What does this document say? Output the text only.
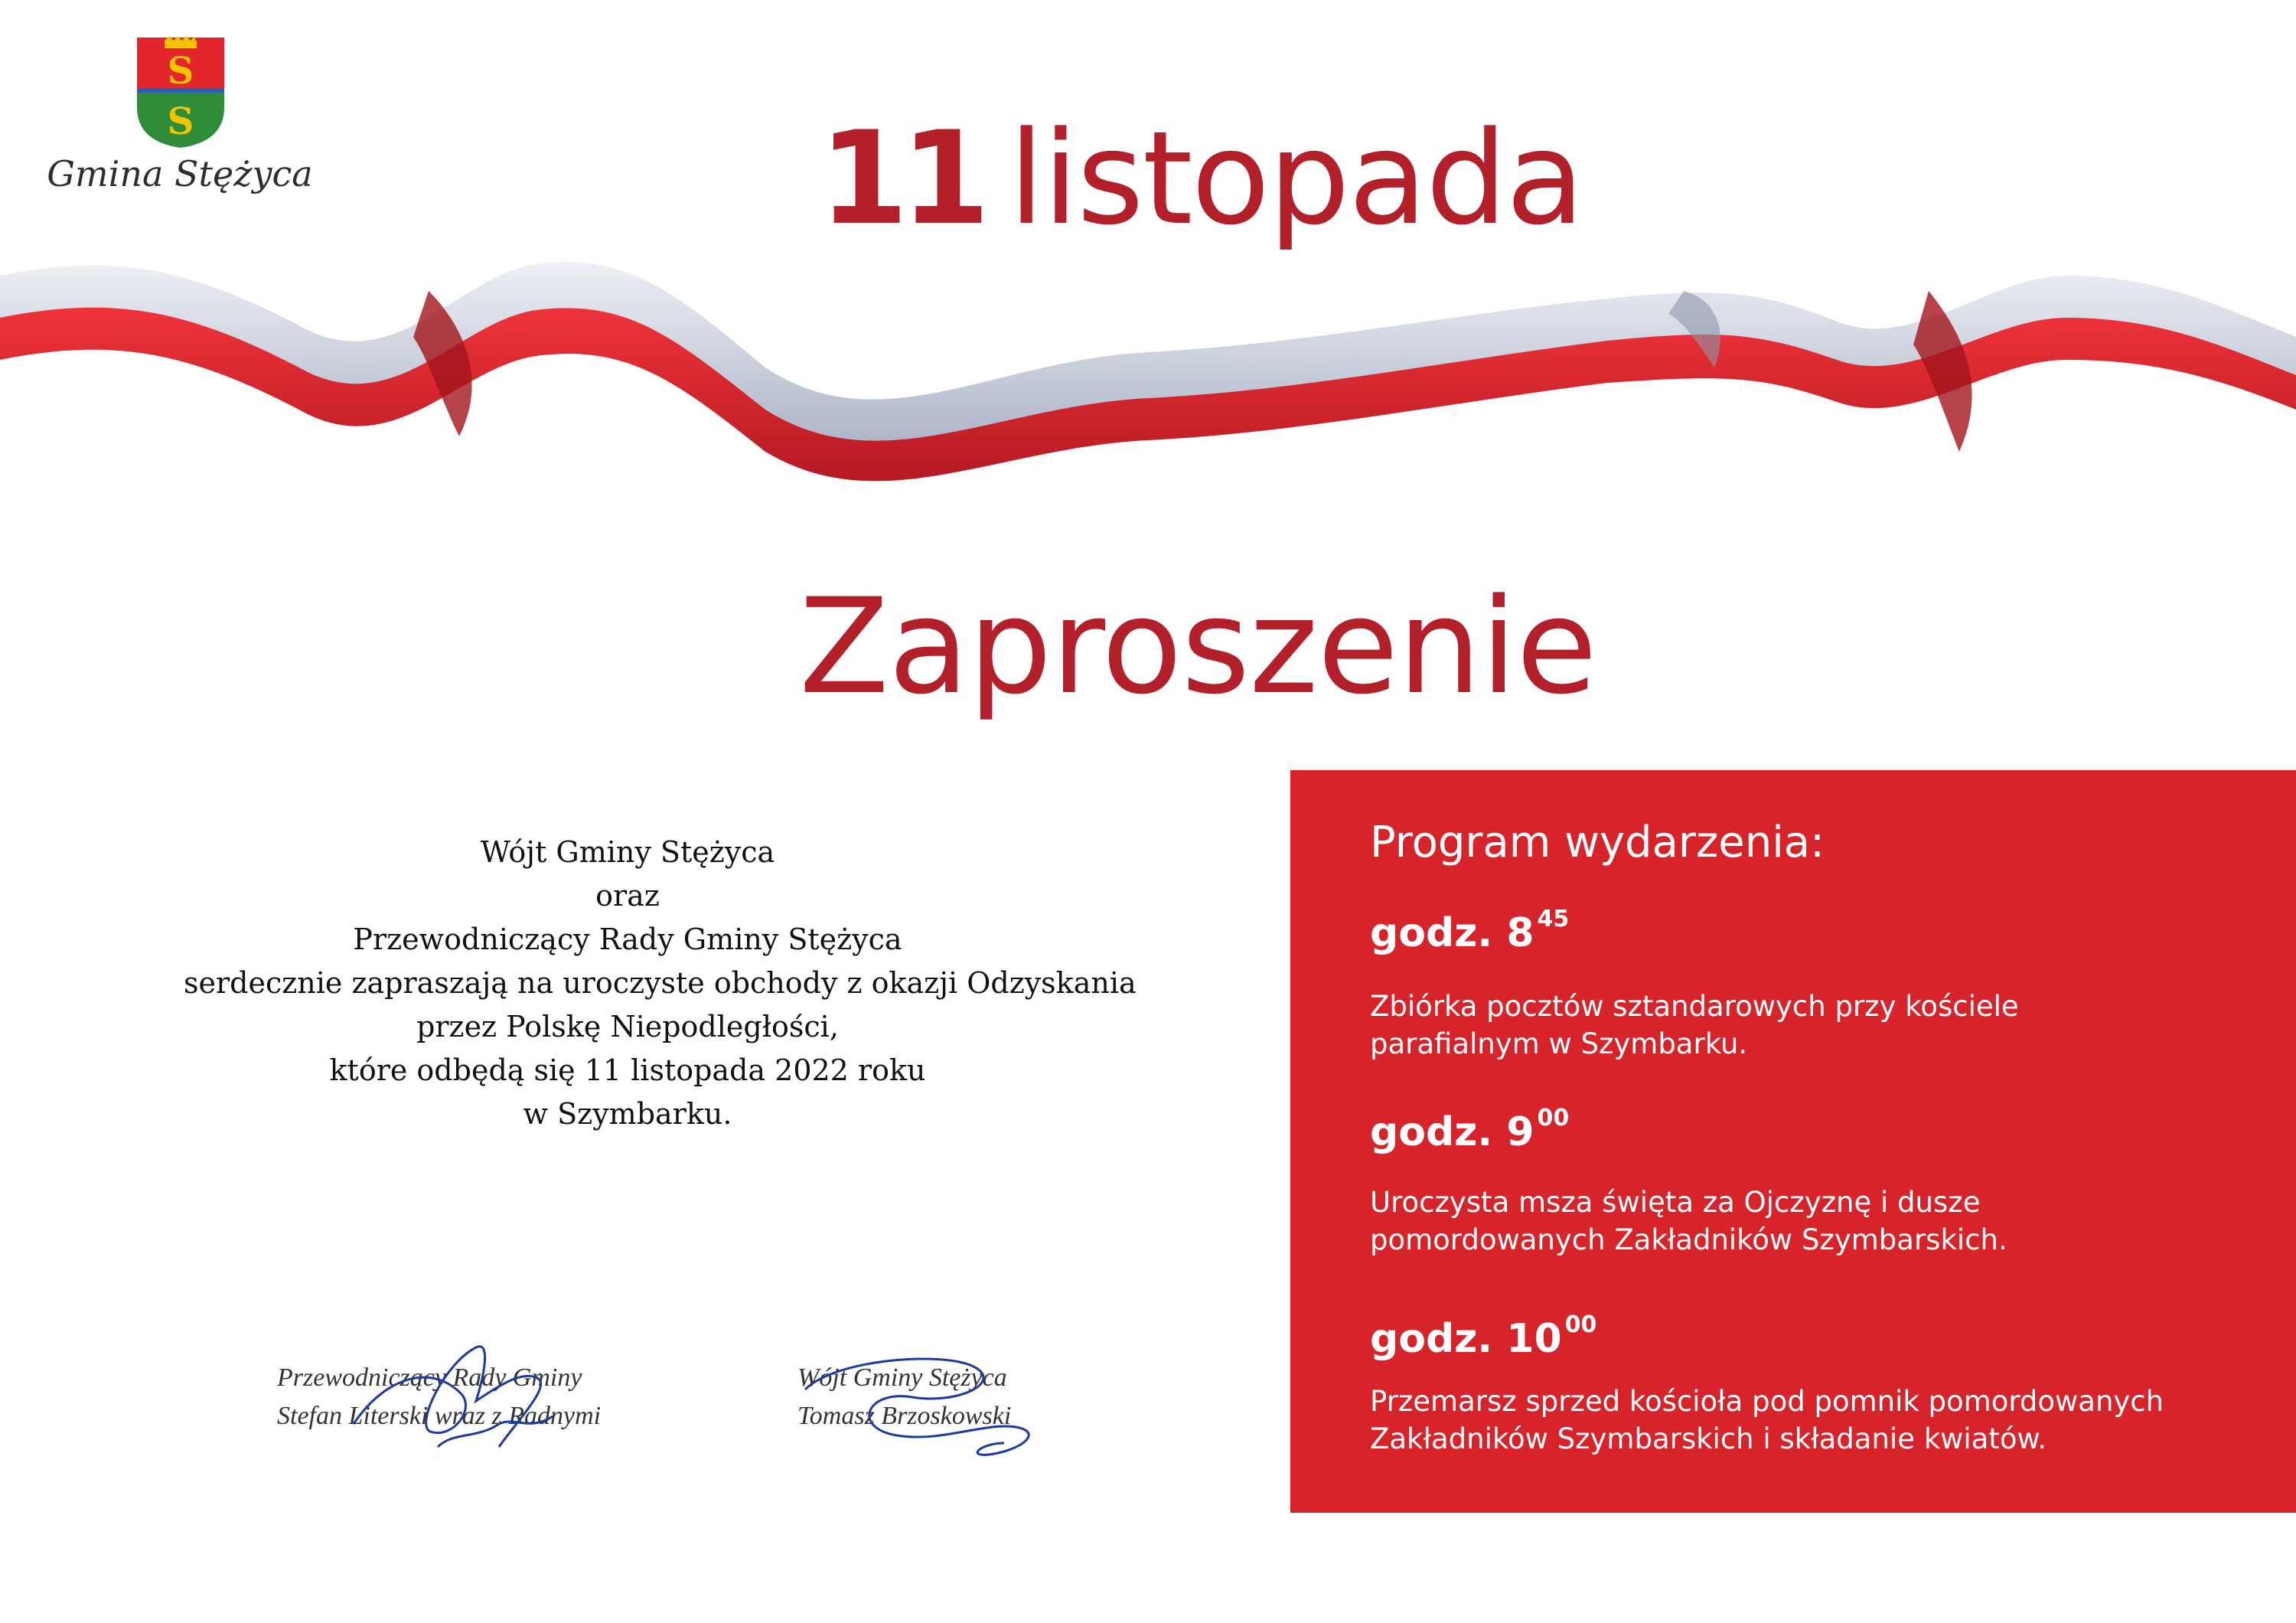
S
S
Gmina Stężyca	11 listopada
Zaproszenie
Wójt Gminy Stężyca
oraz
Przewodniczący Rady Gminy Stężyca
serdecznie zapraszają na uroczyste obchody z okazji Odzyskania
przez Polskę Niepodległości,
które odbędą się 11 listopada 2022 roku
w Szymbarku.
Przewodniczący Rady Gminy
Stefan Literski wraz z Radnymi
Wójt Gminy Stężyca
Tomasz Brzoskowski
Program wydarzenia:
godz. 8 $^{45}$
Zbiórka pocztów sztandarowych przy kościele
parafialnym w Szymbarku.
godz. 9 $^{00}$
Uroczysta msza święta za Ojczyznę i dusze
pomordowanych Zakładników Szymbarskich.
godz. 10 $^{00}$
Przemarsz sprzed kościoła pod pomnik pomordowanych
Zakładników Szymbarskich i składanie kwiatów.
